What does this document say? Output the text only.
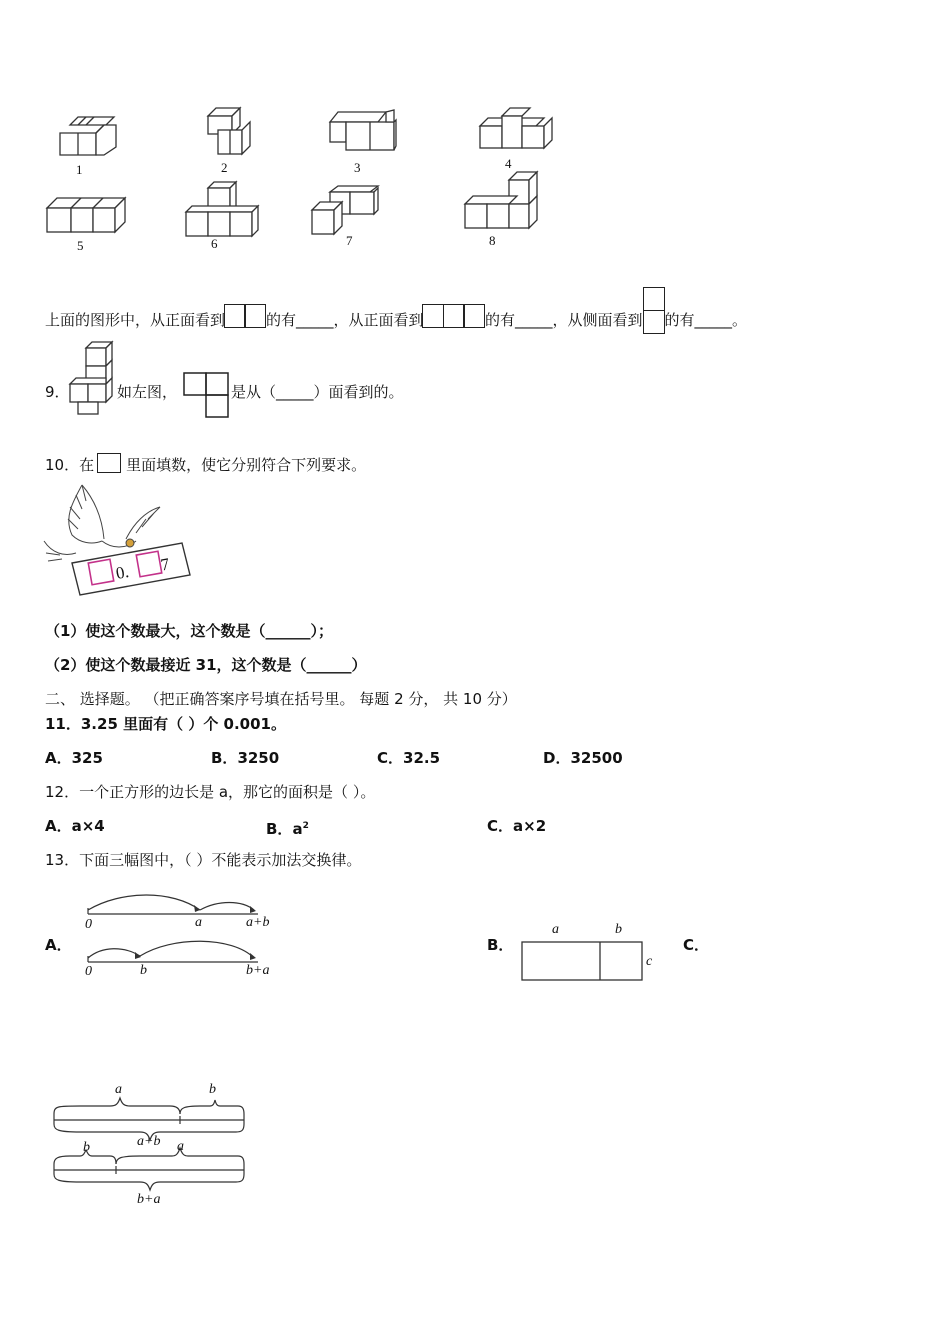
1	2	3	4
5	6	7	8
上面的图形中，从正面看到	的有_____，从正面看到	的有_____，从侧面看到 的有_____。
9．	如左图，	是从（_____）面看到的。
10．在 里面填数，使它分别符合下列要求。
0. 7
（1）使这个数最大，这个数是（______）；
（2）使这个数最接近 31，这个数是（______）
二、 选择题。 （把正确答案序号填在括号里。 每题 2 分， 共 10 分）
11．3.25 里面有（ ）个 0.001。
A．325	B．3250	C．32.5	D．32500
12．一个正方形的边长是 a，那它的面积是（ ）。
A．a×4	B．$a^2$	C．a×2
13．下面三幅图中，（ ）不能表示加法交换律。
A．
0	a	a+b
0	b	b+a
B．
a	b
c
C．
a	b
a+b
b	a
b+a
